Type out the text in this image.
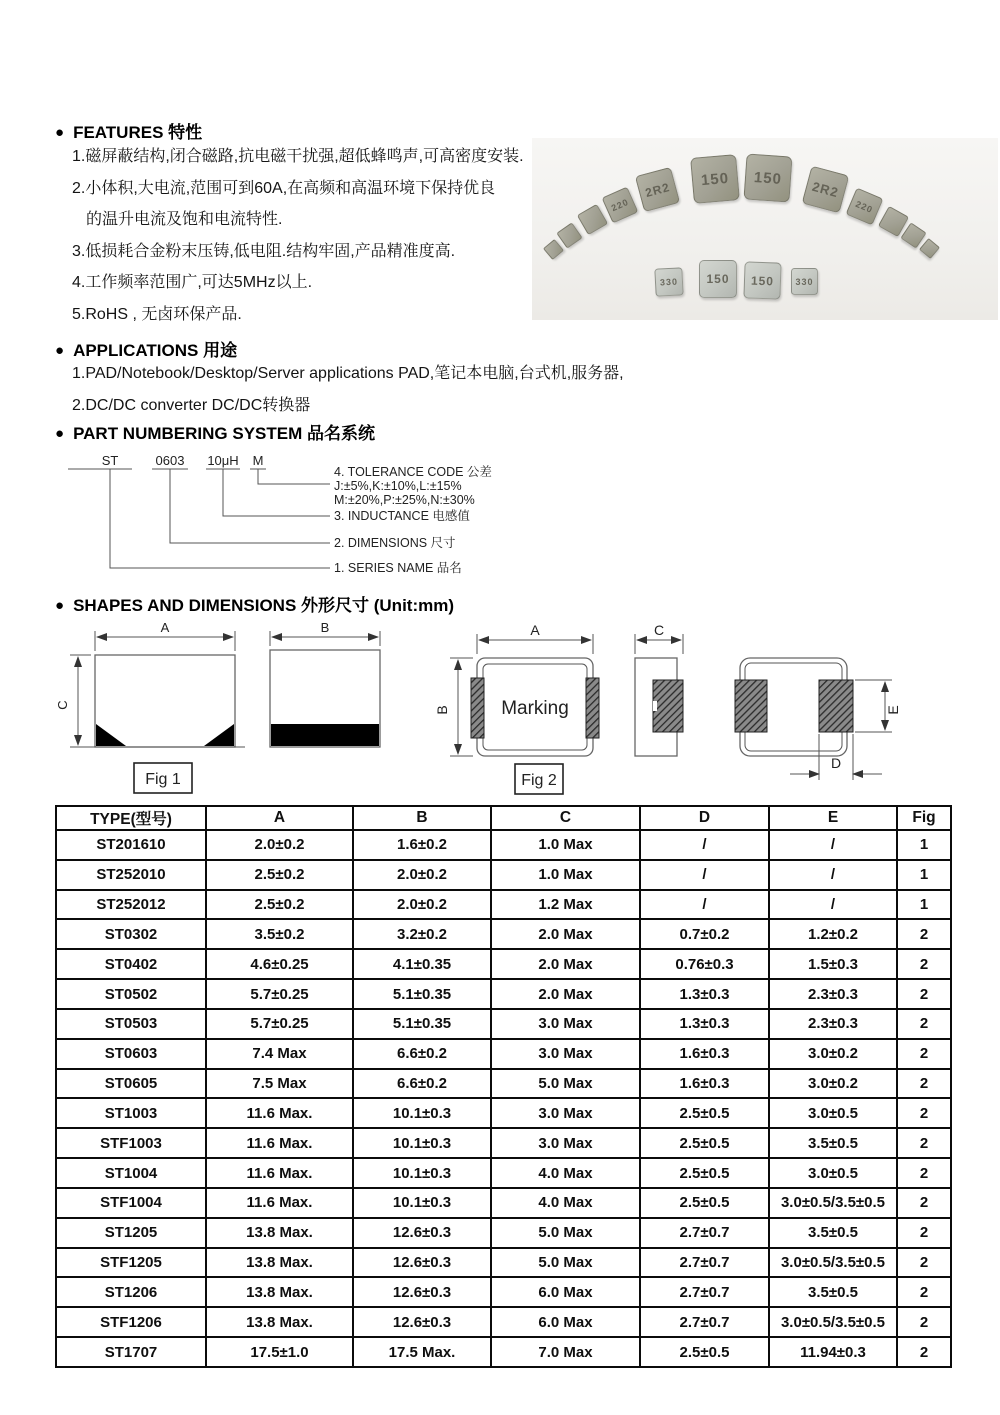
● FEATURES 特性
1.磁屏蔽结构,闭合磁路,抗电磁干扰强,超低蜂鸣声,可高密度安装.
2.小体积,大电流,范围可到60A,在高频和高温环境下保持优良
的温升电流及饱和电流特性.
3.低损耗合金粉末压铸,低电阻.结构牢固,产品精准度高.
4.工作频率范围广,可达5MHz以上.
5.RoHS , 无卤环保产品.
220
2R2
150 150
2R2
220
330 150 150 330
● APPLICATIONS 用途
1.PAD/Notebook/Desktop/Server applications PAD,笔记本电脑,台式机,服务器,
2.DC/DC converter DC/DC转换器
● PART NUMBERING SYSTEM 品名系统
ST	0603 10μH M
4. TOLERANCE CODE 公差
J:±5%,K:±10%,L:±15%
M:±20%,P:±25%,N:±30%
3. INDUCTANCE 电感值
2. DIMENSIONS 尺寸
1. SERIES NAME 品名
● SHAPES AND DIMENSIONS 外形尺寸 (Unit:mm)
A
C
B
Fig 1
Marking
A
B
C
E
D
Fig 2
TYPE(型号)	A	B	C	D	E	Fig
ST201610	2.0±0.2	1.6±0.2	1.0 Max	/	/	1
ST252010	2.5±0.2	2.0±0.2	1.0 Max	/	/	1
ST252012	2.5±0.2	2.0±0.2	1.2 Max	/	/	1
ST0302	3.5±0.2	3.2±0.2	2.0 Max	0.7±0.2	1.2±0.2	2
ST0402	4.6±0.25	4.1±0.35	2.0 Max	0.76±0.3	1.5±0.3	2
ST0502	5.7±0.25	5.1±0.35	2.0 Max	1.3±0.3	2.3±0.3	2
ST0503	5.7±0.25	5.1±0.35	3.0 Max	1.3±0.3	2.3±0.3	2
ST0603	7.4 Max	6.6±0.2	3.0 Max	1.6±0.3	3.0±0.2	2
ST0605	7.5 Max	6.6±0.2	5.0 Max	1.6±0.3	3.0±0.2	2
ST1003	11.6 Max.	10.1±0.3	3.0 Max	2.5±0.5	3.0±0.5	2
STF1003	11.6 Max.	10.1±0.3	3.0 Max	2.5±0.5	3.5±0.5	2
ST1004	11.6 Max.	10.1±0.3	4.0 Max	2.5±0.5	3.0±0.5	2
STF1004	11.6 Max.	10.1±0.3	4.0 Max	2.5±0.5	3.0±0.5/3.5±0.5	2
ST1205	13.8 Max.	12.6±0.3	5.0 Max	2.7±0.7	3.5±0.5	2
STF1205	13.8 Max.	12.6±0.3	5.0 Max	2.7±0.7	3.0±0.5/3.5±0.5	2
ST1206	13.8 Max.	12.6±0.3	6.0 Max	2.7±0.7	3.5±0.5	2
STF1206	13.8 Max.	12.6±0.3	6.0 Max	2.7±0.7	3.0±0.5/3.5±0.5	2
ST1707	17.5±1.0	17.5 Max.	7.0 Max	2.5±0.5	11.94±0.3	2
